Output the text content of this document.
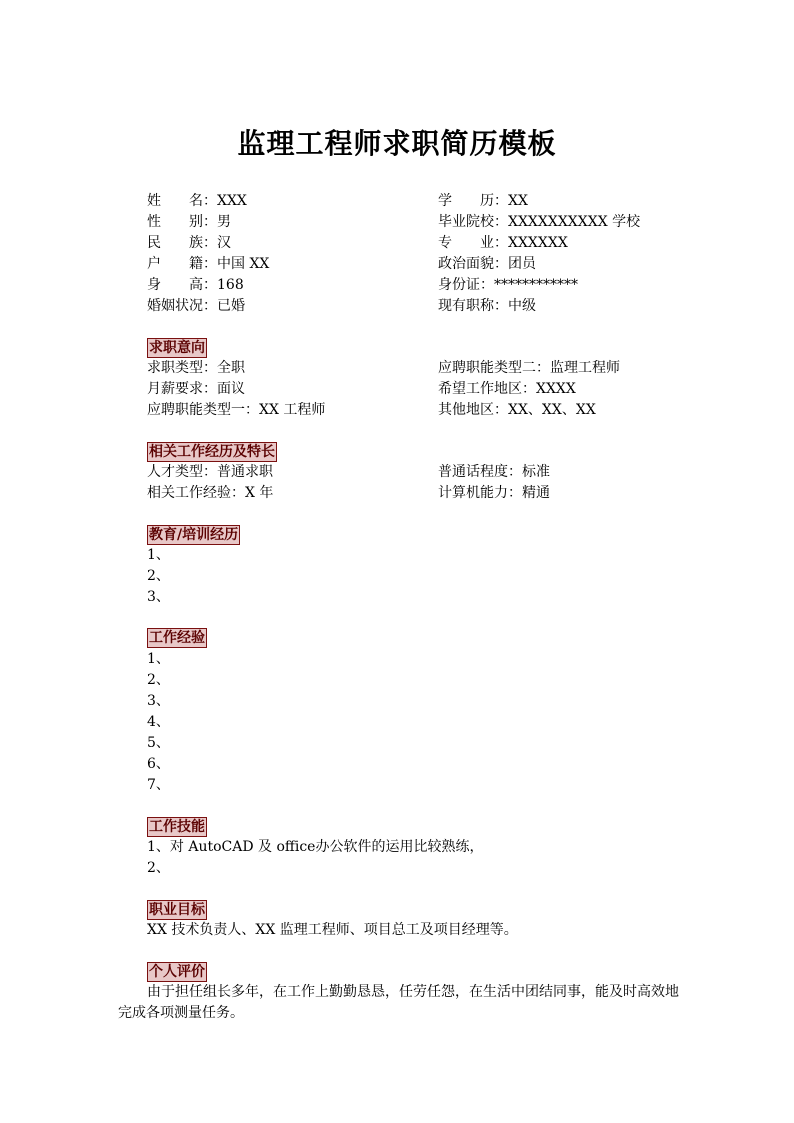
监理工程师求职简历模板
姓　　名：XXX
性　　别：男
民　　族：汉
户　　籍：中国 XX
身　　高：168
婚姻状况：已婚
学　　历：XX
毕业院校：XXXXXXXXXX 学校
专　　业：XXXXXX
政治面貌：团员
身份证：************
现有职称：中级
求职意向
求职类型：全职
月薪要求：面议
应聘职能类型一：XX 工程师
应聘职能类型二：监理工程师
希望工作地区：XXXX
其他地区：XX、XX、XX
相关工作经历及特长
人才类型：普通求职
相关工作经验：X 年
普通话程度：标准
计算机能力：精通
教育/培训经历
1、
2、
3、
工作经验
1、
2、
3、
4、
5、
6、
7、
工作技能
1、对 AutoCAD 及 office办公软件的运用比较熟练，
2、
职业目标
XX 技术负责人、XX 监理工程师、项目总工及项目经理等。
个人评价
由于担任组长多年，在工作上勤勤恳恳，任劳任怨，在生活中团结同事，能及时高效地完成各项测量任务。
